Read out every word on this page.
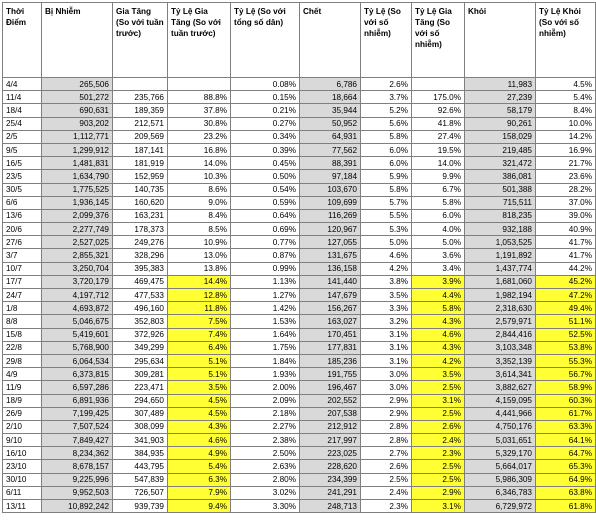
Thời Điểm	Bị Nhiễm	Gia Tăng (So với tuần trước)	Tỷ Lệ Gia Tăng (So với tuần trước)	Tỷ Lệ (So với tổng số dân)	Chết	Tỷ Lệ (So với số nhiễm)	Tỷ Lệ Gia Tăng (So với số nhiễm)	Khỏi	Tỷ Lệ Khỏi (So với số nhiễm)
4/4	265,506			0.08%	6,786	2.6%		11,983	4.5%
11/4	501,272	235,766	88.8%	0.15%	18,664	3.7%	175.0%	27,239	5.4%
18/4	690,631	189,359	37.8%	0.21%	35,944	5.2%	92.6%	58,179	8.4%
25/4	903,202	212,571	30.8%	0.27%	50,952	5.6%	41.8%	90,261	10.0%
2/5	1,112,771	209,569	23.2%	0.34%	64,931	5.8%	27.4%	158,029	14.2%
9/5	1,299,912	187,141	16.8%	0.39%	77,562	6.0%	19.5%	219,485	16.9%
16/5	1,481,831	181,919	14.0%	0.45%	88,391	6.0%	14.0%	321,472	21.7%
23/5	1,634,790	152,959	10.3%	0.50%	97,184	5.9%	9.9%	386,081	23.6%
30/5	1,775,525	140,735	8.6%	0.54%	103,670	5.8%	6.7%	501,388	28.2%
6/6	1,936,145	160,620	9.0%	0.59%	109,699	5.7%	5.8%	715,511	37.0%
13/6	2,099,376	163,231	8.4%	0.64%	116,269	5.5%	6.0%	818,235	39.0%
20/6	2,277,749	178,373	8.5%	0.69%	120,967	5.3%	4.0%	932,188	40.9%
27/6	2,527,025	249,276	10.9%	0.77%	127,055	5.0%	5.0%	1,053,525	41.7%
3/7	2,855,321	328,296	13.0%	0.87%	131,675	4.6%	3.6%	1,191,892	41.7%
10/7	3,250,704	395,383	13.8%	0.99%	136,158	4.2%	3.4%	1,437,774	44.2%
17/7	3,720,179	469,475	14.4%	1.13%	141,440	3.8%	3.9%	1,681,060	45.2%
24/7	4,197,712	477,533	12.8%	1.27%	147,679	3.5%	4.4%	1,982,194	47.2%
1/8	4,693,872	496,160	11.8%	1.42%	156,267	3.3%	5.8%	2,318,630	49.4%
8/8	5,046,675	352,803	7.5%	1.53%	163,027	3.2%	4.3%	2,579,971	51.1%
15/8	5,419,601	372,926	7.4%	1.64%	170,451	3.1%	4.6%	2,844,416	52.5%
22/8	5,768,900	349,299	6.4%	1.75%	177,831	3.1%	4.3%	3,103,348	53.8%
29/8	6,064,534	295,634	5.1%	1.84%	185,236	3.1%	4.2%	3,352,139	55.3%
4/9	6,373,815	309,281	5.1%	1.93%	191,755	3.0%	3.5%	3,614,341	56.7%
11/9	6,597,286	223,471	3.5%	2.00%	196,467	3.0%	2.5%	3,882,627	58.9%
18/9	6,891,936	294,650	4.5%	2.09%	202,552	2.9%	3.1%	4,159,095	60.3%
26/9	7,199,425	307,489	4.5%	2.18%	207,538	2.9%	2.5%	4,441,966	61.7%
2/10	7,507,524	308,099	4.3%	2.27%	212,912	2.8%	2.6%	4,750,176	63.3%
9/10	7,849,427	341,903	4.6%	2.38%	217,997	2.8%	2.4%	5,031,651	64.1%
16/10	8,234,362	384,935	4.9%	2.50%	223,025	2.7%	2.3%	5,329,170	64.7%
23/10	8,678,157	443,795	5.4%	2.63%	228,620	2.6%	2.5%	5,664,017	65.3%
30/10	9,225,996	547,839	6.3%	2.80%	234,399	2.5%	2.5%	5,986,309	64.9%
6/11	9,952,503	726,507	7.9%	3.02%	241,291	2.4%	2.9%	6,346,783	63.8%
13/11	10,892,242	939,739	9.4%	3.30%	248,713	2.3%	3.1%	6,729,972	61.8%
